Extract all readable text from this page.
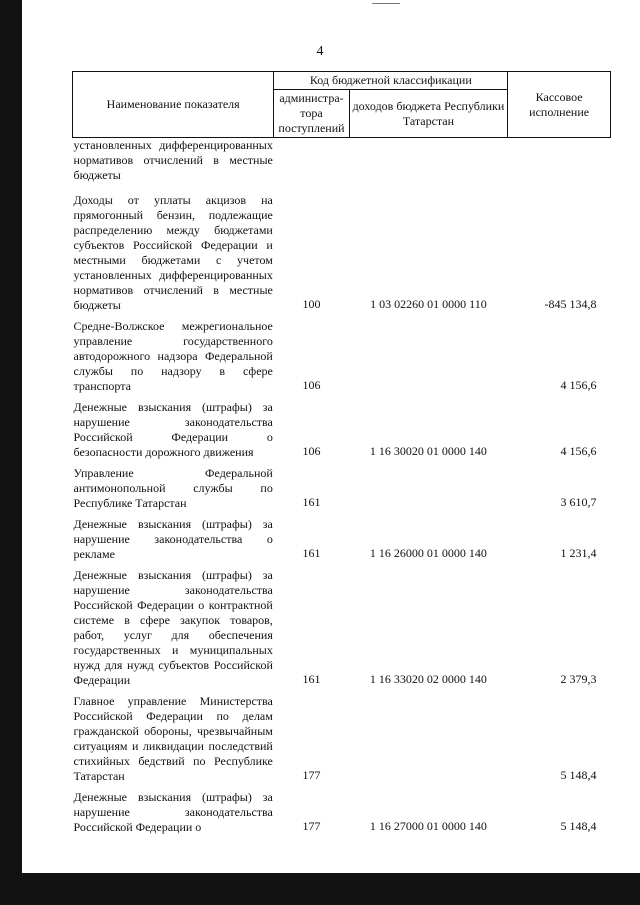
4
Наименование показателя	Код бюджетной классификации		Кассовое исполнение
	администра-тора поступлений	доходов бюджета Республики Татарстан	
установленных дифференцированных нормативов отчислений в местные бюджеты			
Доходы от уплаты акцизов на прямогонный бензин, подлежащие распределению между бюджетами субъектов Российской Федерации и местными бюджетами с учетом установленных дифференцированных нормативов отчислений в местные бюджеты	100	1 03 02260 01 0000 110	-845 134,8
Средне-Волжское межрегиональное управление государственного автодорожного надзора Федеральной службы по надзору в сфере транспорта	106		4 156,6
Денежные взыскания (штрафы) за нарушение законодательства Российской Федерации о безопасности дорожного движения	106	1 16 30020 01 0000 140	4 156,6
Управление Федеральной антимонопольной службы по Республике Татарстан	161		3 610,7
Денежные взыскания (штрафы) за нарушение законодательства о рекламе	161	1 16 26000 01 0000 140	1 231,4
Денежные взыскания (штрафы) за нарушение законодательства Российской Федерации о контрактной системе в сфере закупок товаров, работ, услуг для обеспечения государственных и муниципальных нужд для нужд субъектов Российской Федерации	161	1 16 33020 02 0000 140	2 379,3
Главное управление Министерства Российской Федерации по делам гражданской обороны, чрезвычайным ситуациям и ликвидации последствий стихийных бедствий по Республике Татарстан	177		5 148,4
Денежные взыскания (штрафы) за нарушение законодательства Российской Федерации о	177	1 16 27000 01 0000 140	5 148,4
